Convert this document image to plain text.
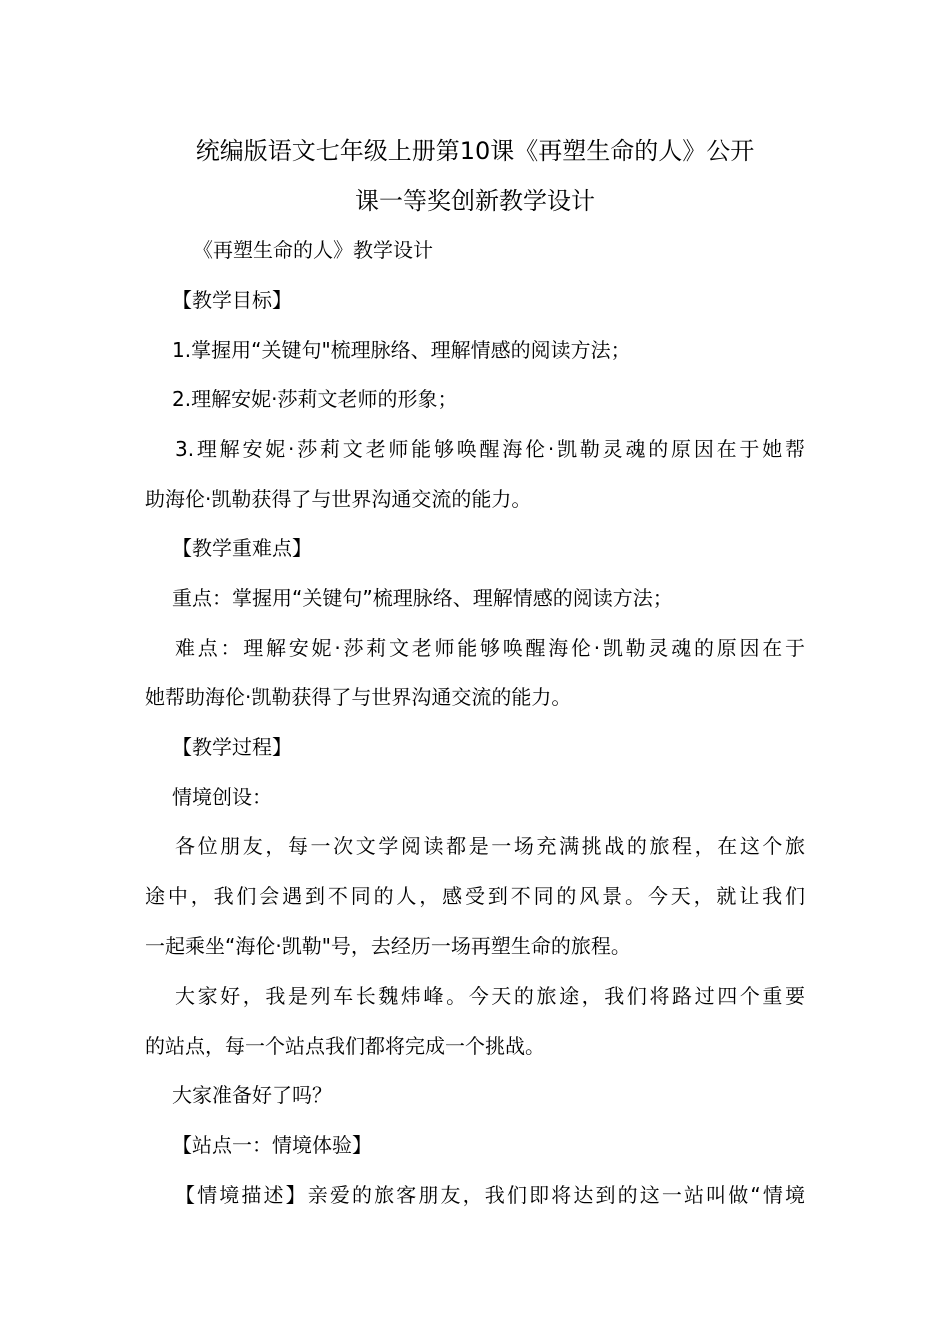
统编版语文七年级上册第10课《再塑生命的人》公开
课一等奖创新教学设计
《再塑生命的人》教学设计
【教学目标】
1.掌握用“关键句"梳理脉络、理解情感的阅读方法；
2.理解安妮·莎莉文老师的形象；
3.理解安妮·莎莉文老师能够唤醒海伦·凯勒灵魂的原因在于她帮
助海伦·凯勒获得了与世界沟通交流的能力。
【教学重难点】
重点：掌握用“关键句”梳理脉络、理解情感的阅读方法；
难点：理解安妮·莎莉文老师能够唤醒海伦·凯勒灵魂的原因在于
她帮助海伦·凯勒获得了与世界沟通交流的能力。
【教学过程】
情境创设：
各位朋友，每一次文学阅读都是一场充满挑战的旅程，在这个旅
途中，我们会遇到不同的人，感受到不同的风景。今天，就让我们
一起乘坐“海伦·凯勒"号，去经历一场再塑生命的旅程。
大家好，我是列车长魏炜峰。今天的旅途，我们将路过四个重要
的站点，每一个站点我们都将完成一个挑战。
大家准备好了吗？
【站点一：情境体验】
【情境描述】亲爱的旅客朋友，我们即将达到的这一站叫做“情境
